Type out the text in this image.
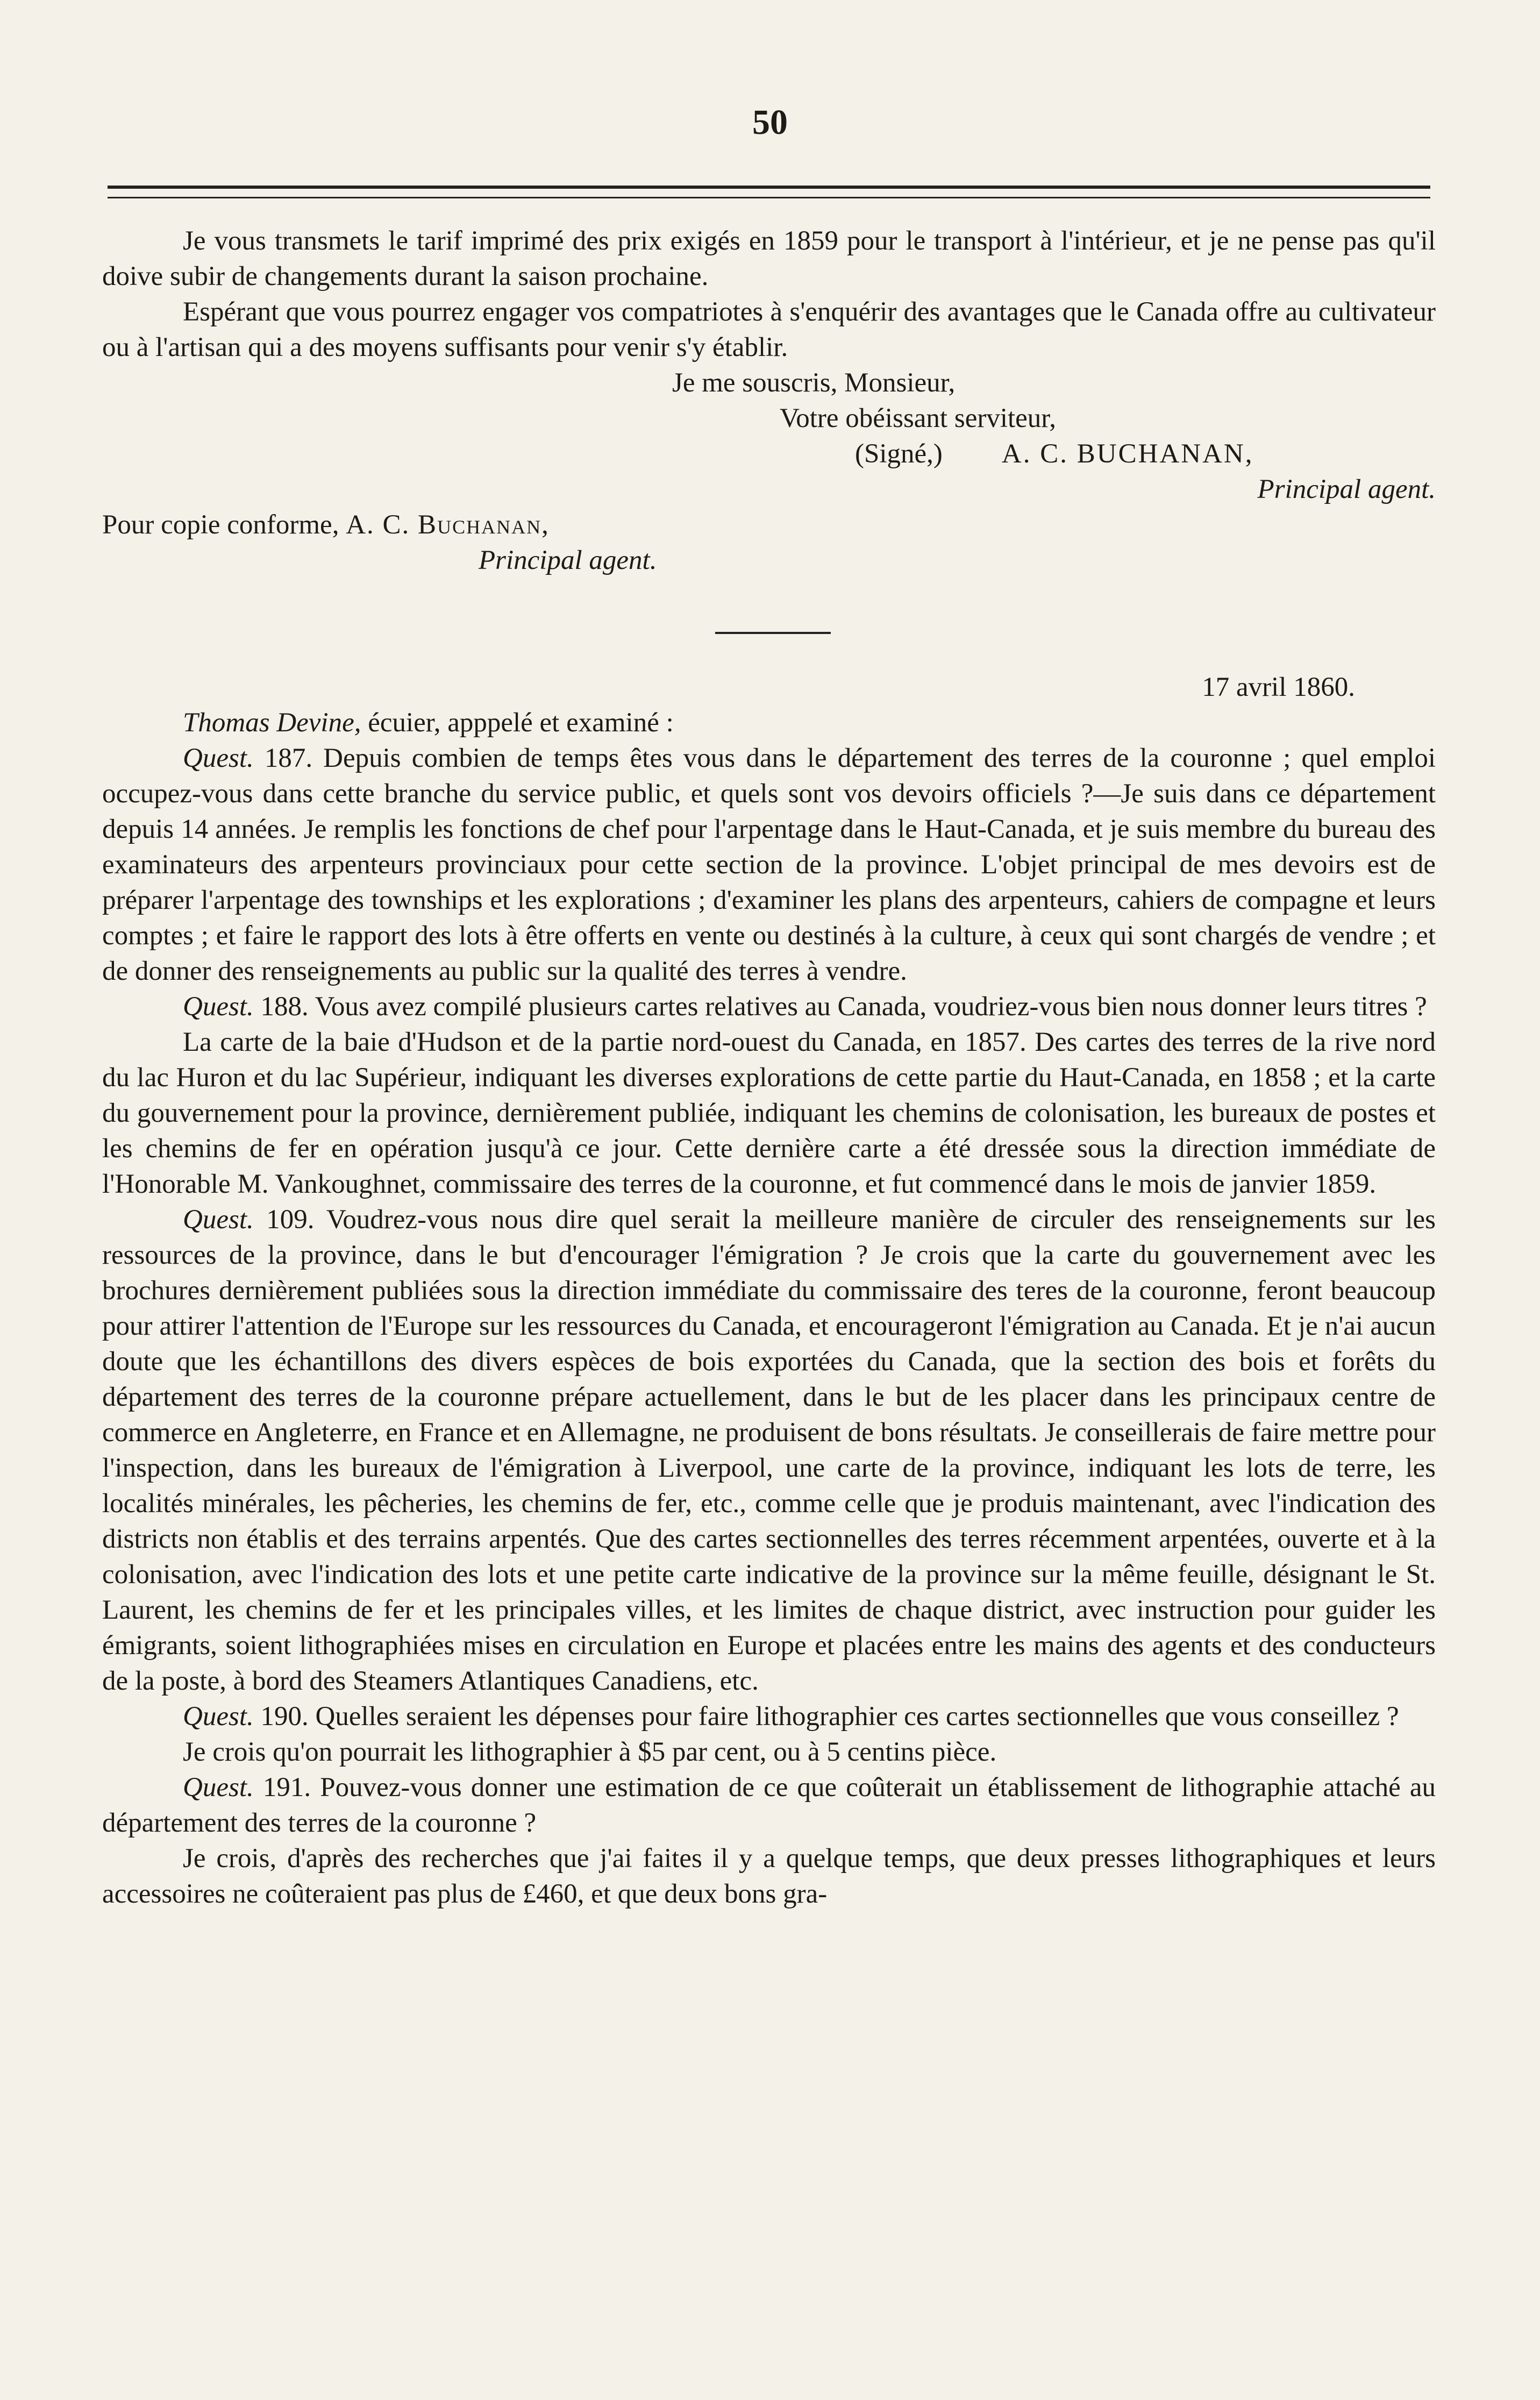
50

Je vous transmets le tarif imprimé des prix exigés en 1859 pour le transport à l'intérieur, et je ne pense pas qu'il doive subir de changements durant la saison prochaine.

Espérant que vous pourrez engager vos compatriotes à s'enquérir des avantages que le Canada offre au cultivateur ou à l'artisan qui a des moyens suffisants pour venir s'y établir.

Je me souscris, Monsieur,

Votre obéissant serviteur,

(Signé,) A. C. BUCHANAN,

Principal agent.

Pour copie conforme, A. C. Buchanan,

Principal agent.

17 avril 1860.

Thomas Devine, écuier, apppelé et examiné :

Quest. 187. Depuis combien de temps êtes vous dans le département des terres de la couronne ; quel emploi occupez-vous dans cette branche du service public, et quels sont vos devoirs officiels ?—Je suis dans ce département depuis 14 années. Je remplis les fonctions de chef pour l'arpentage dans le Haut-Canada, et je suis membre du bureau des examinateurs des arpenteurs provinciaux pour cette section de la province. L'objet principal de mes devoirs est de préparer l'arpentage des townships et les explorations ; d'examiner les plans des arpenteurs, cahiers de compagne et leurs comptes ; et faire le rapport des lots à être offerts en vente ou destinés à la culture, à ceux qui sont chargés de vendre ; et de donner des renseignements au public sur la qualité des terres à vendre.

Quest. 188. Vous avez compilé plusieurs cartes relatives au Canada, voudriez-vous bien nous donner leurs titres ?

La carte de la baie d'Hudson et de la partie nord-ouest du Canada, en 1857. Des cartes des terres de la rive nord du lac Huron et du lac Supérieur, indiquant les diverses explorations de cette partie du Haut-Canada, en 1858 ; et la carte du gouvernement pour la province, dernièrement publiée, indiquant les chemins de colonisation, les bureaux de postes et les chemins de fer en opération jusqu'à ce jour. Cette dernière carte a été dressée sous la direction immédiate de l'Honorable M. Vankoughnet, commissaire des terres de la couronne, et fut commencé dans le mois de janvier 1859.

Quest. 109. Voudrez-vous nous dire quel serait la meilleure manière de circuler des renseignements sur les ressources de la province, dans le but d'encourager l'émigration ? Je crois que la carte du gouvernement avec les brochures dernièrement publiées sous la direction immédiate du commissaire des teres de la couronne, feront beaucoup pour attirer l'attention de l'Europe sur les ressources du Canada, et encourageront l'émigration au Canada. Et je n'ai aucun doute que les échantillons des divers espèces de bois exportées du Canada, que la section des bois et forêts du département des terres de la couronne prépare actuellement, dans le but de les placer dans les principaux centre de commerce en Angleterre, en France et en Allemagne, ne produisent de bons résultats. Je conseillerais de faire mettre pour l'inspection, dans les bureaux de l'émigration à Liverpool, une carte de la province, indiquant les lots de terre, les localités minérales, les pêcheries, les chemins de fer, etc., comme celle que je produis maintenant, avec l'indication des districts non établis et des terrains arpentés. Que des cartes sectionnelles des terres récemment arpentées, ouverte et à la colonisation, avec l'indication des lots et une petite carte indicative de la province sur la même feuille, désignant le St. Laurent, les chemins de fer et les principales villes, et les limites de chaque district, avec instruction pour guider les émigrants, soient lithographiées mises en circulation en Europe et placées entre les mains des agents et des conducteurs de la poste, à bord des Steamers Atlantiques Canadiens, etc.

Quest. 190. Quelles seraient les dépenses pour faire lithographier ces cartes sectionnelles que vous conseillez ?

Je crois qu'on pourrait les lithographier à $5 par cent, ou à 5 centins pièce.

Quest. 191. Pouvez-vous donner une estimation de ce que coûterait un établissement de lithographie attaché au département des terres de la couronne ?

Je crois, d'après des recherches que j'ai faites il y a quelque temps, que deux presses lithographiques et leurs accessoires ne coûteraient pas plus de £460, et que deux bons gra-
